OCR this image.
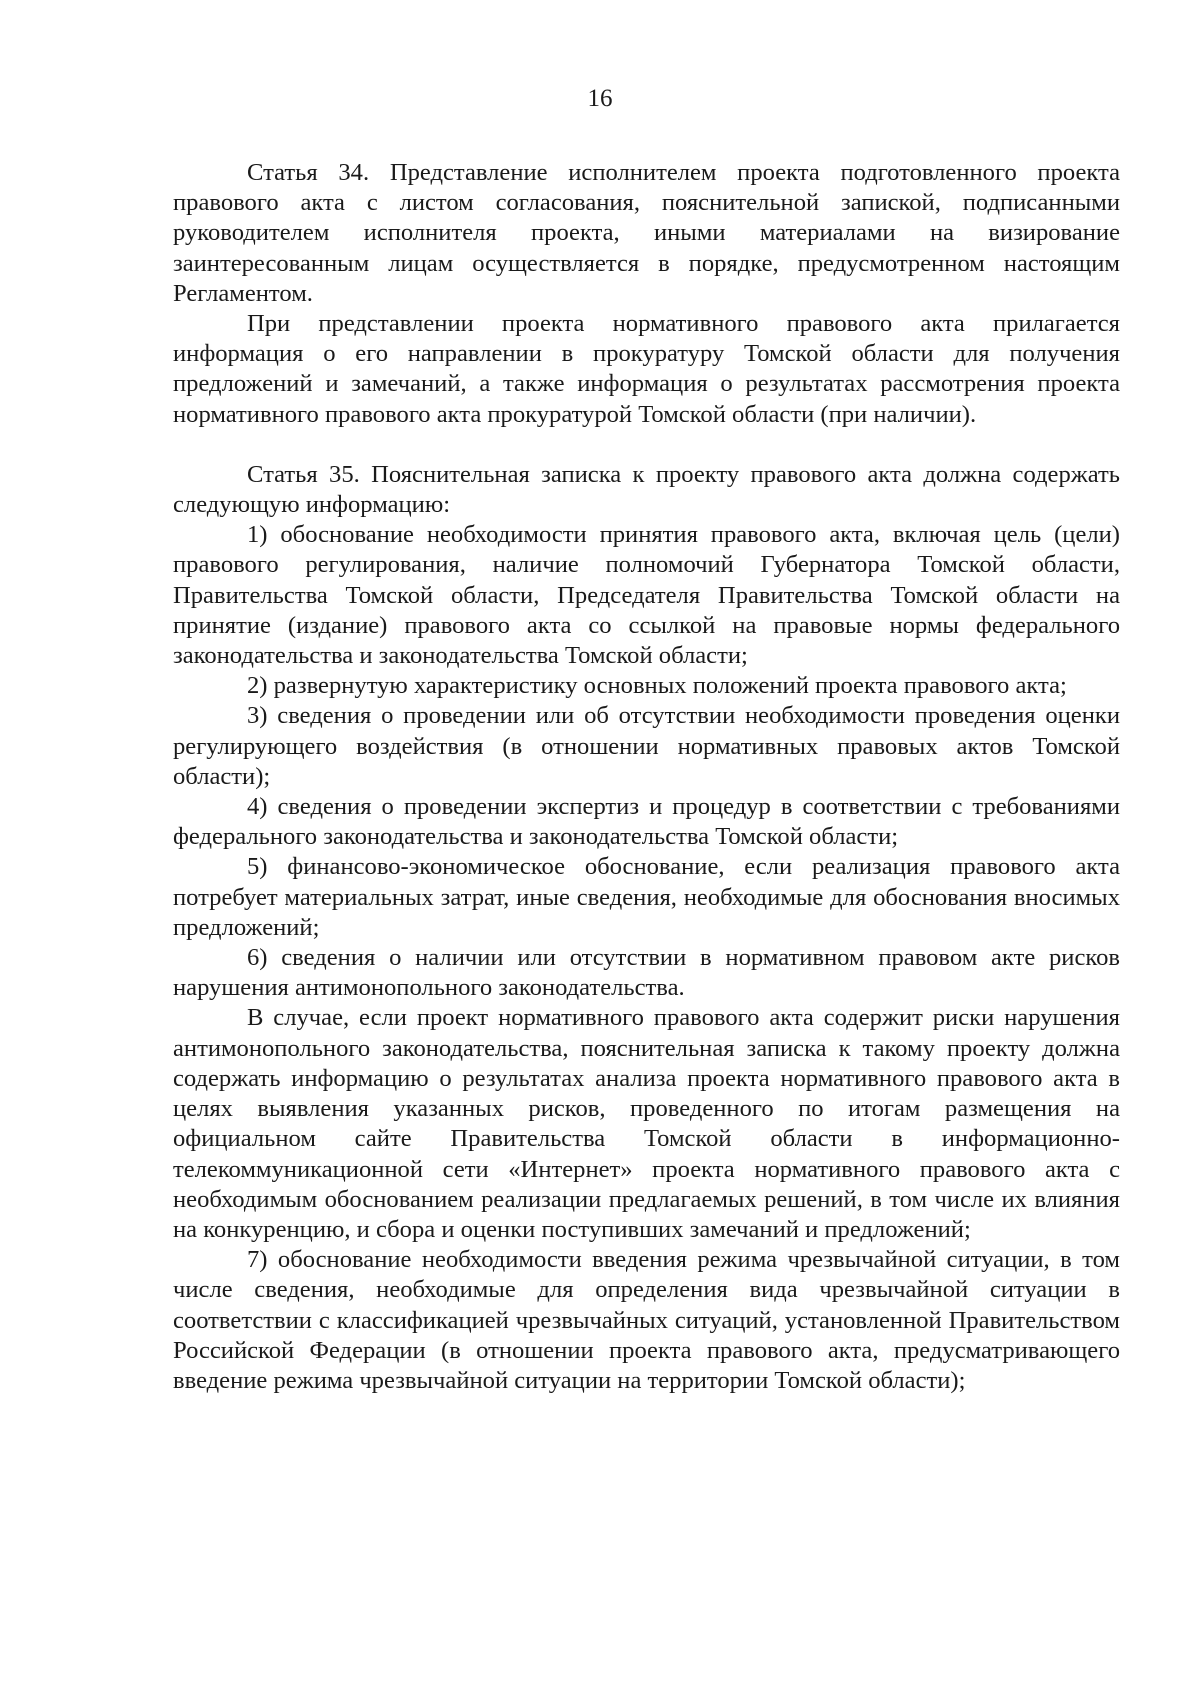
16

Статья 34. Представление исполнителем проекта подготовленного проекта правового акта с листом согласования, пояснительной запиской, подписанными руководителем исполнителя проекта, иными материалами на визирование заинтересованным лицам осуществляется в порядке, предусмотренном настоящим Регламентом.

При представлении проекта нормативного правового акта прилагается информация о его направлении в прокуратуру Томской области для получения предложений и замечаний, а также информация о результатах рассмотрения проекта нормативного правового акта прокуратурой Томской области (при наличии).

Статья 35. Пояснительная записка к проекту правового акта должна содержать следующую информацию:

1) обоснование необходимости принятия правового акта, включая цель (цели) правового регулирования, наличие полномочий Губернатора Томской области, Правительства Томской области, Председателя Правительства Томской области на принятие (издание) правового акта со ссылкой на правовые нормы федерального законодательства и законодательства Томской области;

2) развернутую характеристику основных положений проекта правового акта;

3) сведения о проведении или об отсутствии необходимости проведения оценки регулирующего воздействия (в отношении нормативных правовых актов Томской области);

4) сведения о проведении экспертиз и процедур в соответствии с требованиями федерального законодательства и законодательства Томской области;

5) финансово-экономическое обоснование, если реализация правового акта потребует материальных затрат, иные сведения, необходимые для обоснования вносимых предложений;

6) сведения о наличии или отсутствии в нормативном правовом акте рисков нарушения антимонопольного законодательства.

В случае, если проект нормативного правового акта содержит риски нарушения антимонопольного законодательства, пояснительная записка к такому проекту должна содержать информацию о результатах анализа проекта нормативного правового акта в целях выявления указанных рисков, проведенного по итогам размещения на официальном сайте Правительства Томской области в информационно-телекоммуникационной сети «Интернет» проекта нормативного правового акта с необходимым обоснованием реализации предлагаемых решений, в том числе их влияния на конкуренцию, и сбора и оценки поступивших замечаний и предложений;

7) обоснование необходимости введения режима чрезвычайной ситуации, в том числе сведения, необходимые для определения вида чрезвычайной ситуации в соответствии с классификацией чрезвычайных ситуаций, установленной Правительством Российской Федерации (в отношении проекта правового акта, предусматривающего введение режима чрезвычайной ситуации на территории Томской области);
